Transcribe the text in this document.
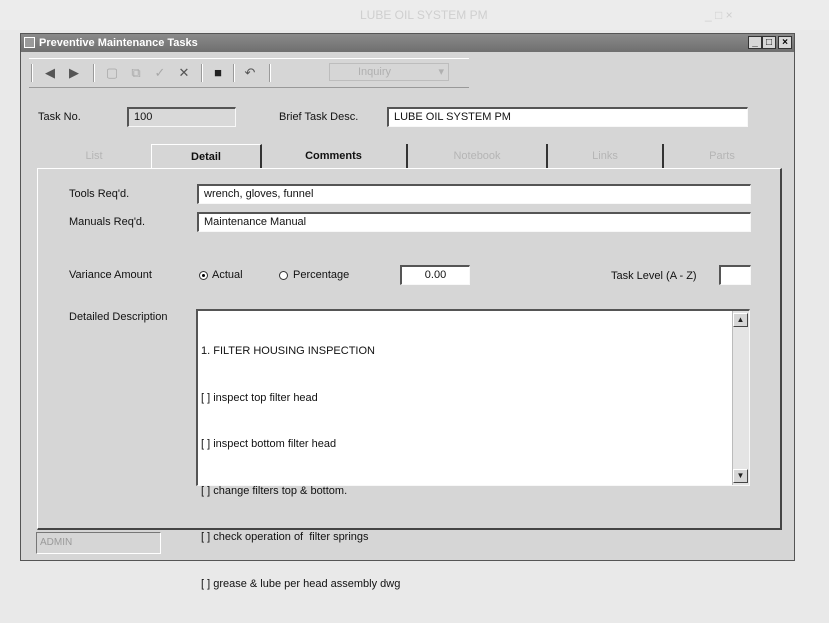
LUBE OIL SYSTEM PM	_ □ ×
Preventive Maintenance Tasks	_ □	×
◀	▶	▢	⧉	✓ ✕	■	↶	Inquiry	▾
Task No.	100	Brief Task Desc.	LUBE OIL SYSTEM PM
List	Detail	Comments	Notebook	Links	Parts
Tools Req'd.	wrench, gloves, funnel
Manuals Req'd.	Maintenance Manual
Variance Amount	Actual	Percentage	0.00	Task Level (A - Z)
Detailed Description

1. FILTER HOUSING INSPECTION

[ ] inspect top filter head

[ ] inspect bottom filter head

[ ] change filters top & bottom.

[ ] check operation of  filter springs

[ ] grease & lube per head assembly dwg

▲
▼
ADMIN
